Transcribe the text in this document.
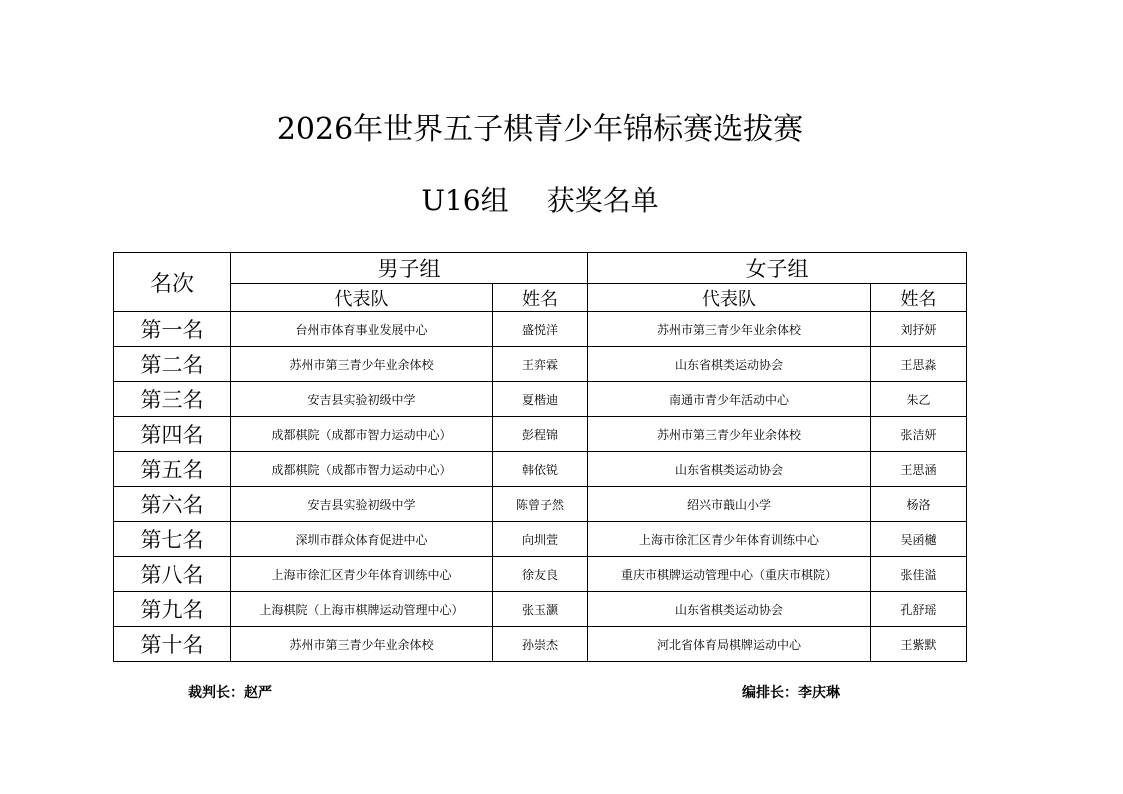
2026年世界五子棋青少年锦标赛选拔赛
U16组 获奖名单
名次	男子组		女子组	
	代表队	姓名	代表队	姓名
第一名	台州市体育事业发展中心	盛悦洋	苏州市第三青少年业余体校	刘抒妍
第二名	苏州市第三青少年业余体校	王弈霖	山东省棋类运动协会	王思淼
第三名	安吉县实验初级中学	夏楷迪	南通市青少年活动中心	朱乙
第四名	成都棋院（成都市智力运动中心）	彭程锦	苏州市第三青少年业余体校	张洁妍
第五名	成都棋院（成都市智力运动中心）	韩依锐	山东省棋类运动协会	王思涵
第六名	安吉县实验初级中学	陈曾子然	绍兴市蕺山小学	杨洛
第七名	深圳市群众体育促进中心	向圳萱	上海市徐汇区青少年体育训练中心	吴函樾
第八名	上海市徐汇区青少年体育训练中心	徐友良	重庆市棋牌运动管理中心（重庆市棋院）	张佳溢
第九名	上海棋院（上海市棋牌运动管理中心）	张玉灏	山东省棋类运动协会	孔舒瑶
第十名	苏州市第三青少年业余体校	孙崇杰	河北省体育局棋牌运动中心	王紫默
裁判长：赵严	编排长：李庆琳
